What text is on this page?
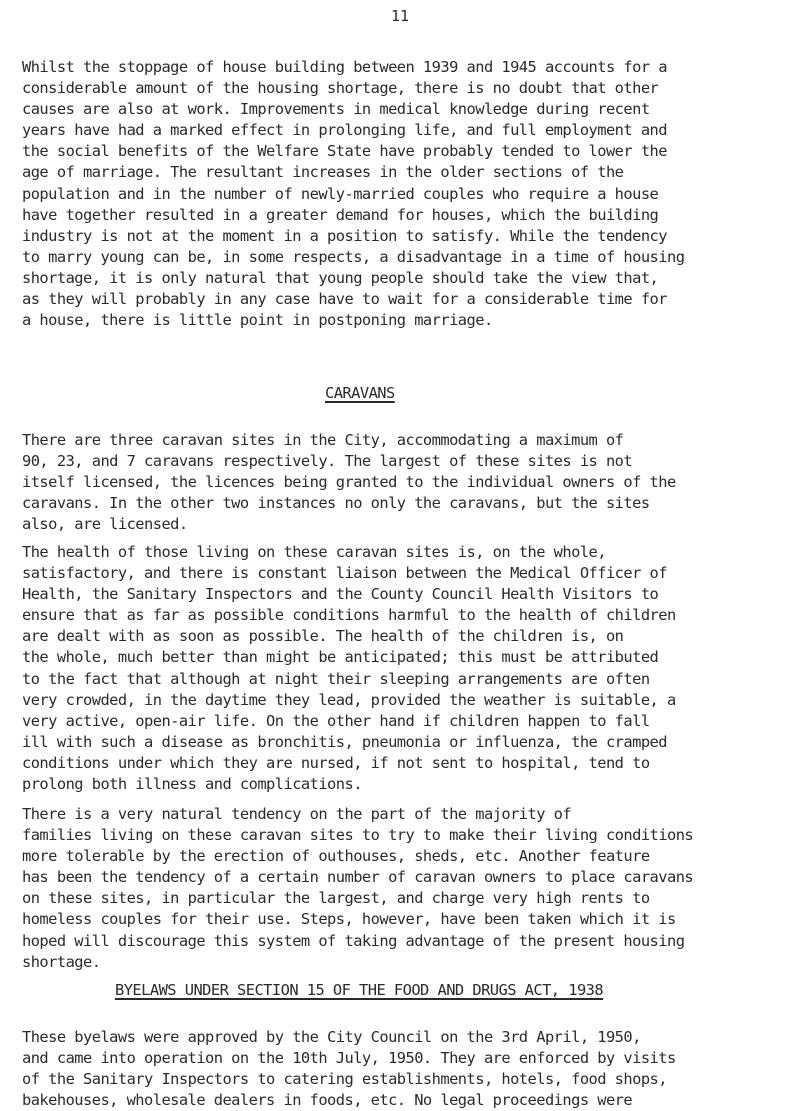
11
Whilst the stoppage of house building between 1939 and 1945 accounts for a
considerable amount of the housing shortage, there is no doubt that other
causes are also at work. Improvements in medical knowledge during recent
years have had a marked effect in prolonging life, and full employment and
the social benefits of the Welfare State have probably tended to lower the
age of marriage. The resultant increases in the older sections of the
population and in the number of newly-married couples who require a house
have together resulted in a greater demand for houses, which the building
industry is not at the moment in a position to satisfy. While the tendency
to marry young can be, in some respects, a disadvantage in a time of housing
shortage, it is only natural that young people should take the view that,
as they will probably in any case have to wait for a considerable time for
a house, there is little point in postponing marriage.
CARAVANS
There are three caravan sites in the City, accommodating a maximum of
90, 23, and 7 caravans respectively. The largest of these sites is not
itself licensed, the licences being granted to the individual owners of the
caravans. In the other two instances no only the caravans, but the sites
also, are licensed.
The health of those living on these caravan sites is, on the whole,
satisfactory, and there is constant liaison between the Medical Officer of
Health, the Sanitary Inspectors and the County Council Health Visitors to
ensure that as far as possible conditions harmful to the health of children
are dealt with as soon as possible. The health of the children is, on
the whole, much better than might be anticipated; this must be attributed
to the fact that although at night their sleeping arrangements are often
very crowded, in the daytime they lead, provided the weather is suitable, a
very active, open-air life. On the other hand if children happen to fall
ill with such a disease as bronchitis, pneumonia or influenza, the cramped
conditions under which they are nursed, if not sent to hospital, tend to
prolong both illness and complications.
There is a very natural tendency on the part of the majority of
families living on these caravan sites to try to make their living conditions
more tolerable by the erection of outhouses, sheds, etc. Another feature
has been the tendency of a certain number of caravan owners to place caravans
on these sites, in particular the largest, and charge very high rents to
homeless couples for their use. Steps, however, have been taken which it is
hoped will discourage this system of taking advantage of the present housing
shortage.
BYELAWS UNDER SECTION 15 OF THE FOOD AND DRUGS ACT, 1938
These byelaws were approved by the City Council on the 3rd April, 1950,
and came into operation on the 10th July, 1950. They are enforced by visits
of the Sanitary Inspectors to catering establishments, hotels, food shops,
bakehouses, wholesale dealers in foods, etc. No legal proceedings were
